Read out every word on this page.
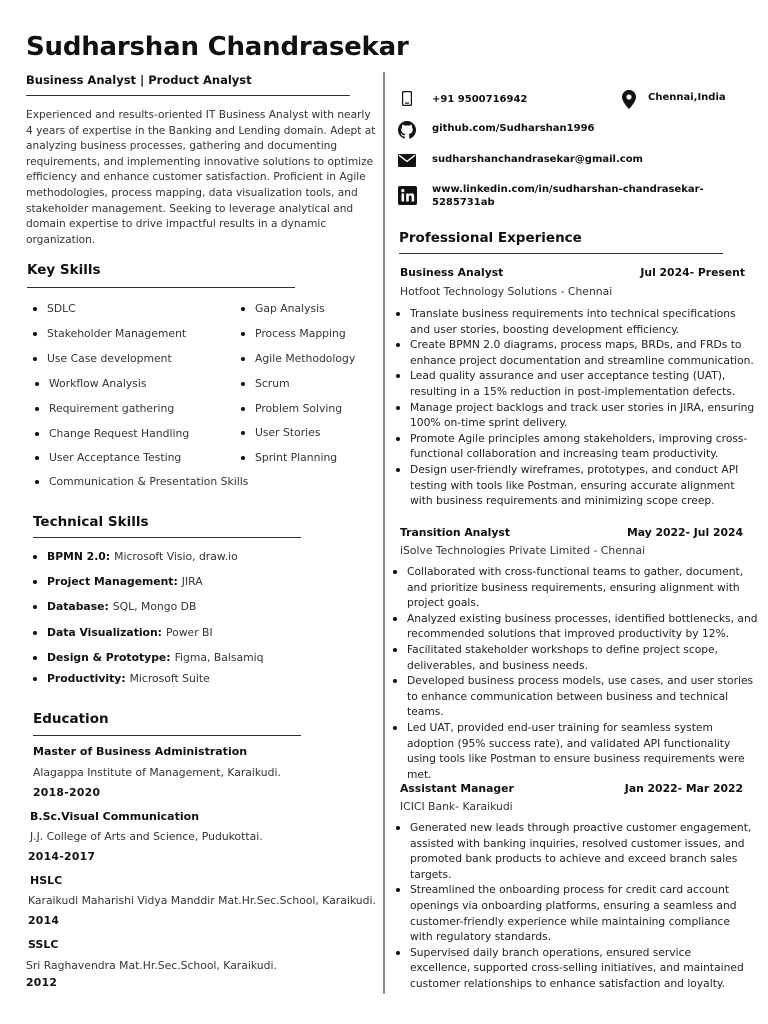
Sudharshan Chandrasekar
Business Analyst | Product Analyst
Experienced and results-oriented IT Business Analyst with nearly 4 years of expertise in the Banking and Lending domain. Adept at analyzing business processes, gathering and documenting requirements, and implementing innovative solutions to optimize efficiency and enhance customer satisfaction. Proficient in Agile methodologies, process mapping, data visualization tools, and stakeholder management. Seeking to leverage analytical and domain expertise to drive impactful results in a dynamic organization.
Key Skills
SDLC
Stakeholder Management
Use Case development
Workflow Analysis
Requirement gathering
Change Request Handling
User Acceptance Testing
Communication & Presentation Skills
Gap Analysis
Process Mapping
Agile Methodology
Scrum
Problem Solving
User Stories
Sprint Planning
Technical Skills
BPMN 2.0: Microsoft Visio, draw.io
Project Management: JIRA
Database: SQL, Mongo DB
Data Visualization: Power BI
Design & Prototype: Figma, Balsamiq
Productivity: Microsoft Suite
Education
Master of Business Administration
Alagappa Institute of Management, Karaikudi.
2018-2020
B.Sc.Visual Communication
J.J. College of Arts and Science, Pudukottai.
2014-2017
HSLC
Karaikudi Maharishi Vidya Manddir Mat.Hr.Sec.School, Karaikudi.
2014
SSLC
Sri Raghavendra Mat.Hr.Sec.School, Karaikudi.
2012
+91 9500716942	Chennai,India
github.com/Sudharshan1996
sudharshanchandrasekar@gmail.com
www.linkedin.com/in/sudharshan-chandrasekar-
5285731ab
Professional Experience
Business Analyst	Jul 2024- Present
Hotfoot Technology Solutions - Chennai
Translate business requirements into technical specifications and user stories, boosting development efficiency.
Create BPMN 2.0 diagrams, process maps, BRDs, and FRDs to enhance project documentation and streamline communication.
Lead quality assurance and user acceptance testing (UAT), resulting in a 15% reduction in post-implementation defects.
Manage project backlogs and track user stories in JIRA, ensuring 100% on-time sprint delivery.
Promote Agile principles among stakeholders, improving cross-functional collaboration and increasing team productivity.
Design user-friendly wireframes, prototypes, and conduct API testing with tools like Postman, ensuring accurate alignment with business requirements and minimizing scope creep.
Transition Analyst	May 2022- Jul 2024
iSolve Technologies Private Limited - Chennai
Collaborated with cross-functional teams to gather, document, and prioritize business requirements, ensuring alignment with project goals.
Analyzed existing business processes, identified bottlenecks, and recommended solutions that improved productivity by 12%.
Facilitated stakeholder workshops to define project scope, deliverables, and business needs.
Developed business process models, use cases, and user stories to enhance communication between business and technical teams.
Led UAT, provided end-user training for seamless system adoption (95% success rate), and validated API functionality using tools like Postman to ensure business requirements were met.
Assistant Manager	Jan 2022- Mar 2022
ICICI Bank- Karaikudi
Generated new leads through proactive customer engagement, assisted with banking inquiries, resolved customer issues, and promoted bank products to achieve and exceed branch sales targets.
Streamlined the onboarding process for credit card account openings via onboarding platforms, ensuring a seamless and customer-friendly experience while maintaining compliance with regulatory standards.
Supervised daily branch operations, ensured service excellence, supported cross-selling initiatives, and maintained customer relationships to enhance satisfaction and loyalty.
